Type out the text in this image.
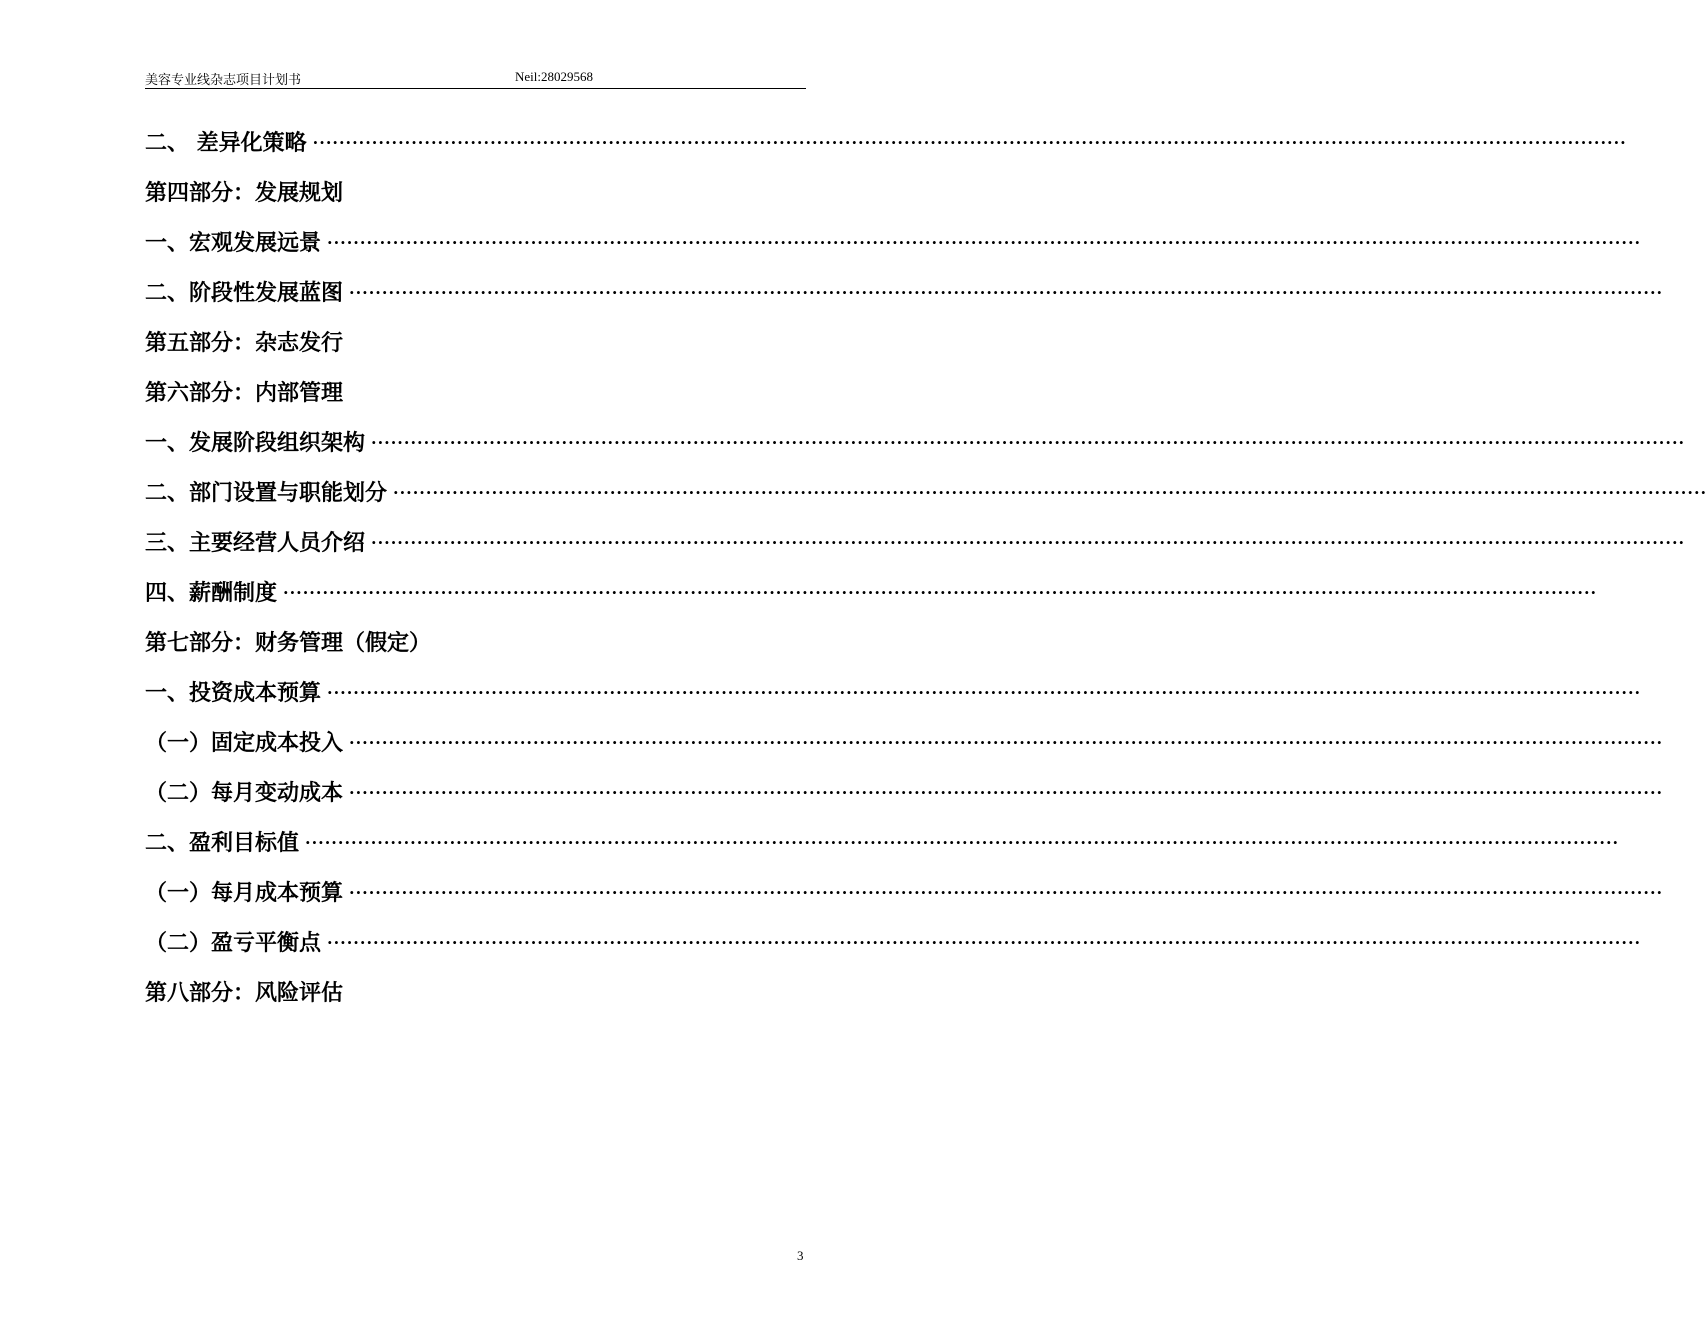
美容专业线杂志项目计划书	Neil:28029568
二、 差异化策略 ········································································································································································································
第四部分：发展规划
一、宏观发展远景 ········································································································································································································
二、阶段性发展蓝图 ········································································································································································································
第五部分：杂志发行
第六部分：内部管理
一、发展阶段组织架构 ········································································································································································································
二、部门设置与职能划分 ········································································································································································································
三、主要经营人员介绍 ········································································································································································································
四、薪酬制度 ········································································································································································································
第七部分：财务管理（假定）
一、投资成本预算 ········································································································································································································
（一）固定成本投入 ········································································································································································································
（二）每月变动成本 ········································································································································································································
二、盈利目标值 ········································································································································································································
（一）每月成本预算 ········································································································································································································
（二）盈亏平衡点 ········································································································································································································
第八部分：风险评估
3
